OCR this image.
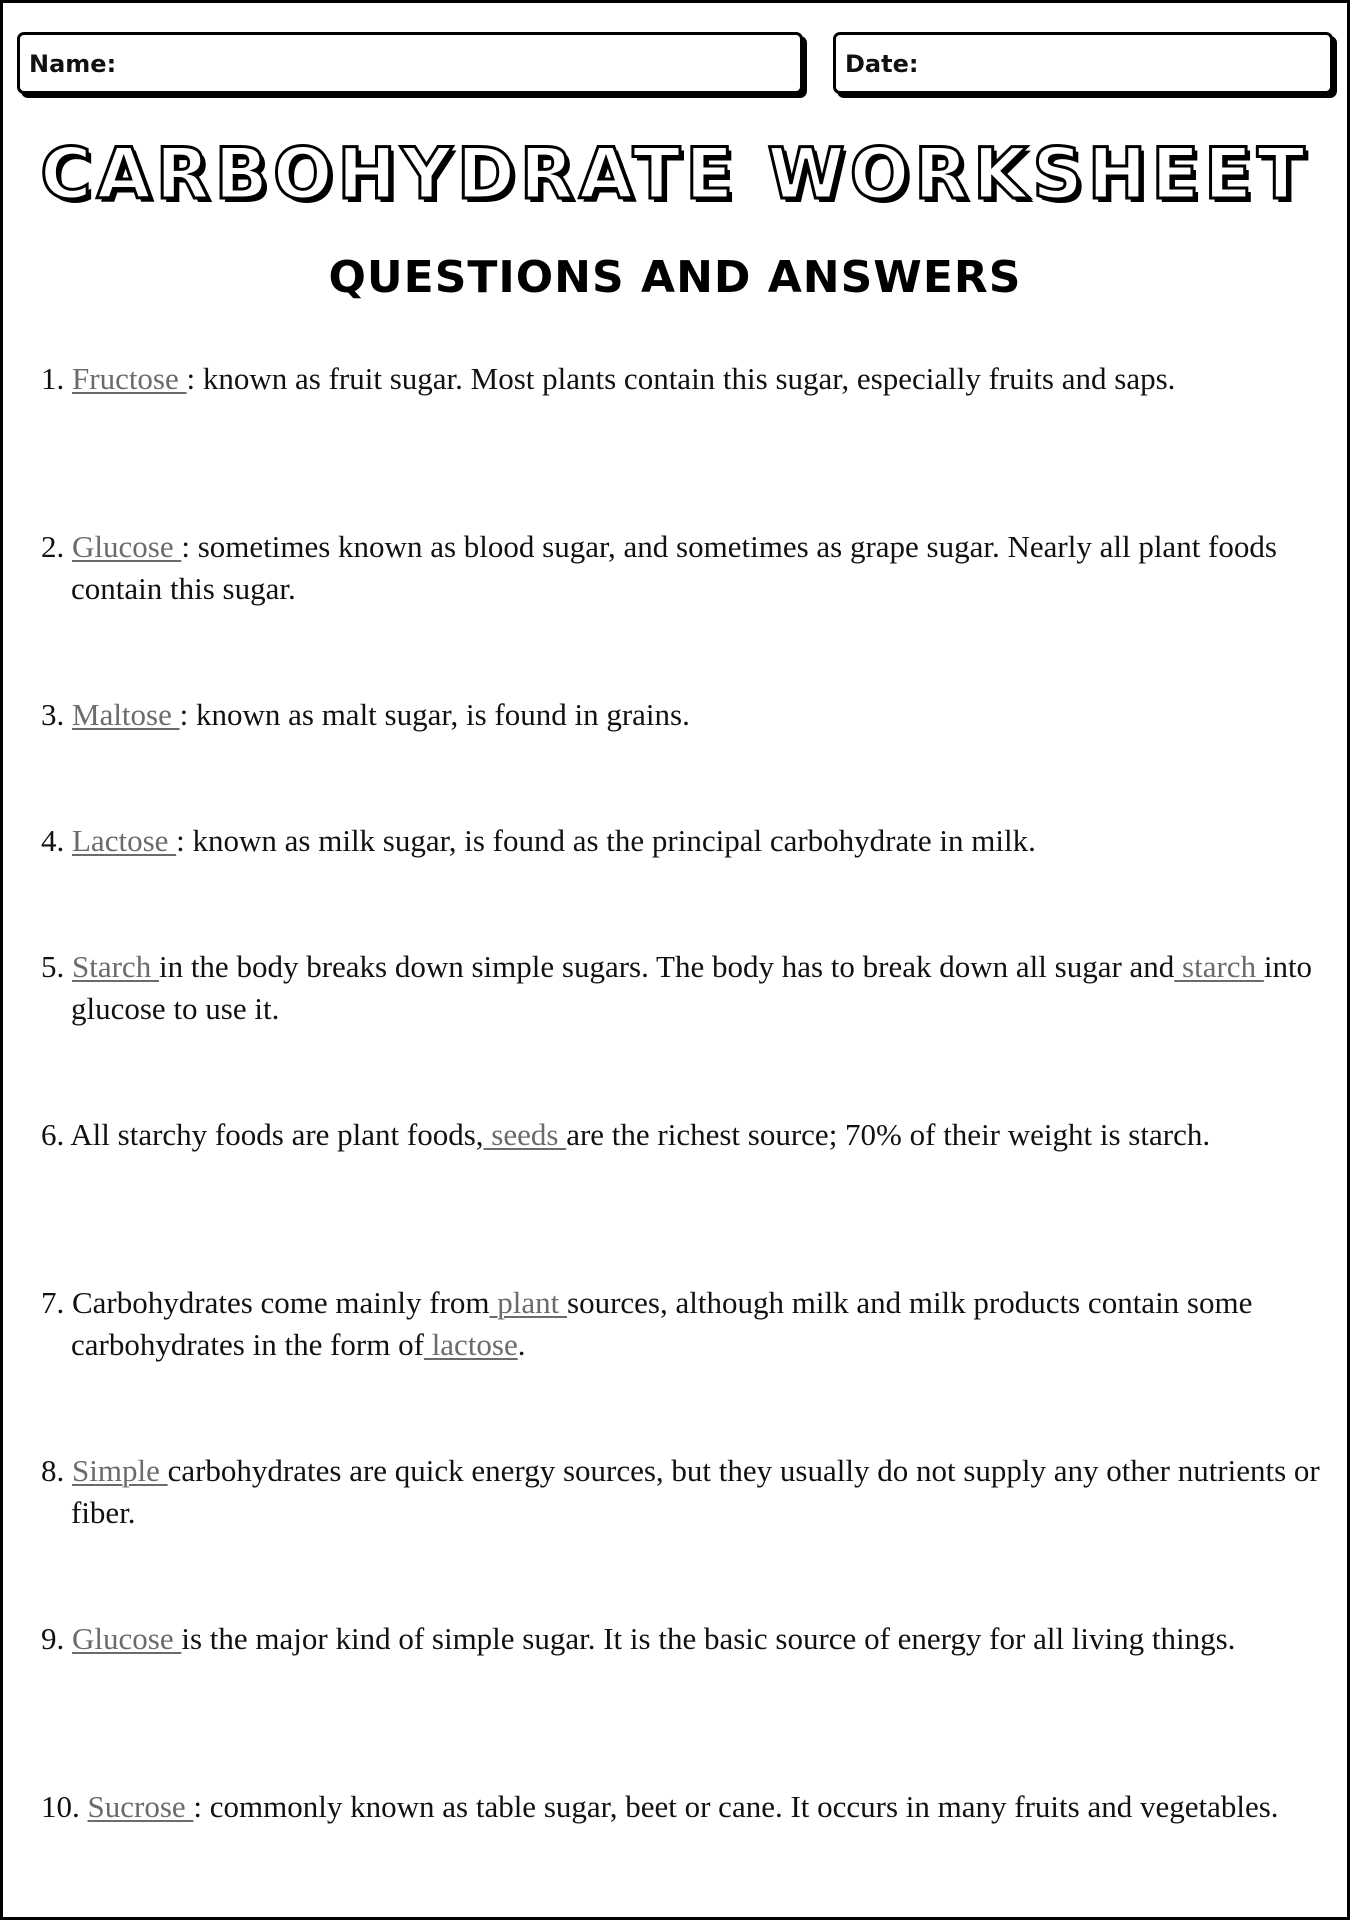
Name:	Date:
CARBOHYDRATE WORKSHEET
QUESTIONS AND ANSWERS
1. Fructose : known as fruit sugar. Most plants contain this sugar, especially fruits and saps.
2. Glucose : sometimes known as blood sugar, and sometimes as grape sugar. Nearly all plant foods contain this sugar.
3. Maltose : known as malt sugar, is found in grains.
4. Lactose : known as milk sugar, is found as the principal carbohydrate in milk.
5. Starch in the body breaks down simple sugars. The body has to break down all sugar and starch into glucose to use it.
6. All starchy foods are plant foods, seeds are the richest source; 70% of their weight is starch.
7. Carbohydrates come mainly from plant sources, although milk and milk products contain some carbohydrates in the form of lactose.
8. Simple carbohydrates are quick energy sources, but they usually do not supply any other nutrients or fiber.
9. Glucose is the major kind of simple sugar. It is the basic source of energy for all living things.
10. Sucrose : commonly known as table sugar, beet or cane. It occurs in many fruits and vegetables.
